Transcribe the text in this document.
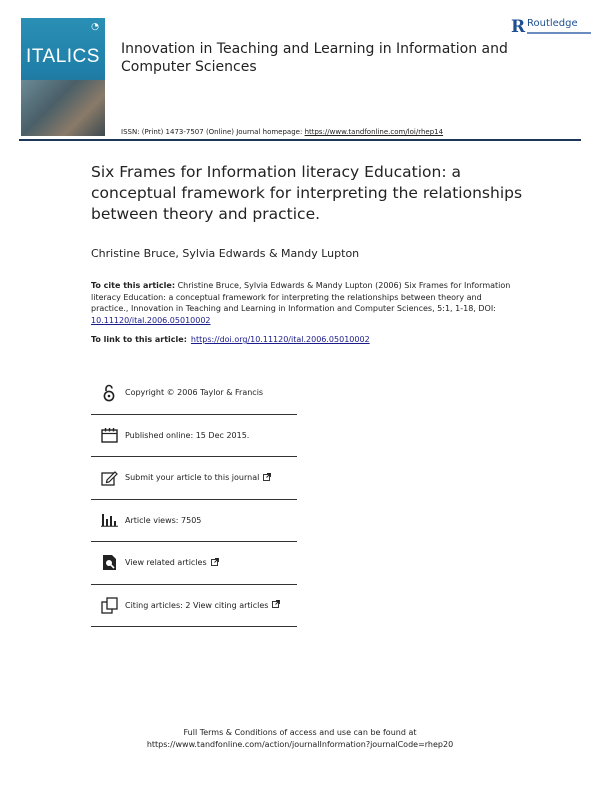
◔
ITALICS	Innovation in Teaching and Learning in Information and Computer Sciences
R Routledge
ISSN: (Print) 1473-7507 (Online) Journal homepage: https://www.tandfonline.com/loi/rhep14
Six Frames for Information literacy Education: a conceptual framework for interpreting the relationships between theory and practice.
Christine Bruce, Sylvia Edwards & Mandy Lupton
To cite this article: Christine Bruce, Sylvia Edwards & Mandy Lupton (2006) Six Frames for Information literacy Education: a conceptual framework for interpreting the relationships between theory and practice., Innovation in Teaching and Learning in Information and Computer Sciences, 5:1, 1-18, DOI: 10.11120/ital.2006.05010002
To link to this article: https://doi.org/10.11120/ital.2006.05010002
Copyright © 2006 Taylor & Francis
Published online: 15 Dec 2015.
Submit your article to this journal
Article views: 7505
View related articles
Citing articles: 2 View citing articles
Full Terms & Conditions of access and use can be found at
https://www.tandfonline.com/action/journalInformation?journalCode=rhep20
